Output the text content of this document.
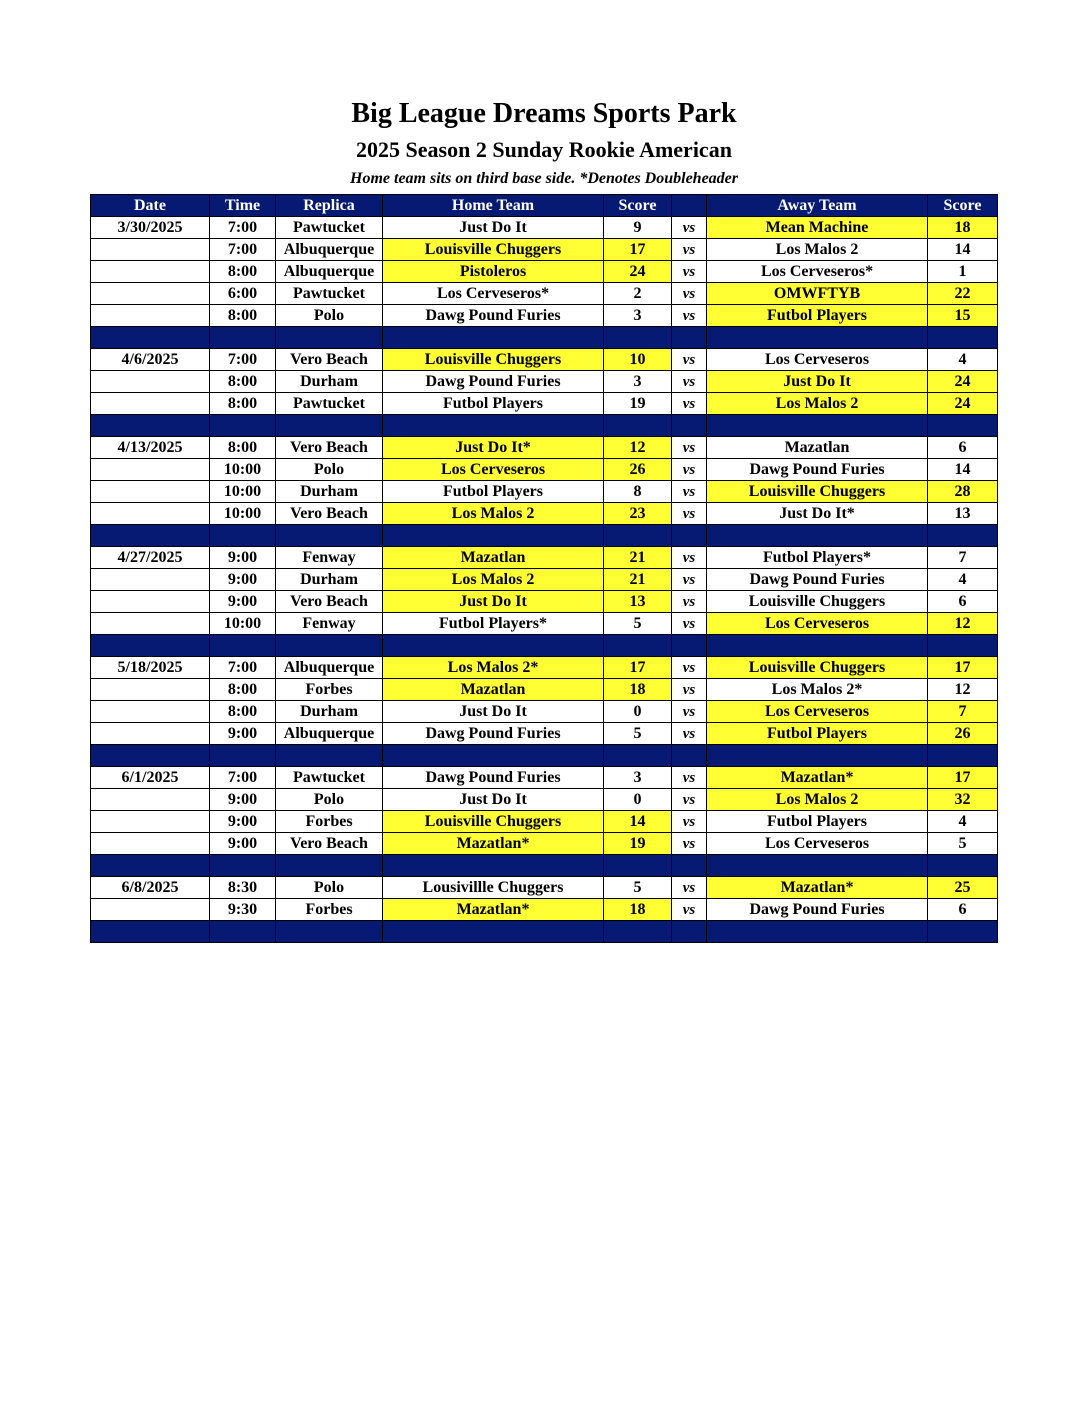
Big League Dreams Sports Park
2025 Season 2 Sunday Rookie American
Home team sits on third base side. *Denotes Doubleheader
Date	Time	Replica	Home Team	Score		Away Team	Score
3/30/2025	7:00	Pawtucket	Just Do It	9	vs	Mean Machine	18
	7:00	Albuquerque	Louisville Chuggers	17	vs	Los Malos 2	14
	8:00	Albuquerque	Pistoleros	24	vs	Los Cerveseros*	1
	6:00	Pawtucket	Los Cerveseros*	2	vs	OMWFTYB	22
	8:00	Polo	Dawg Pound Furies	3	vs	Futbol Players	15

4/6/2025	7:00	Vero Beach	Louisville Chuggers	10	vs	Los Cerveseros	4
	8:00	Durham	Dawg Pound Furies	3	vs	Just Do It	24
	8:00	Pawtucket	Futbol Players	19	vs	Los Malos 2	24

4/13/2025	8:00	Vero Beach	Just Do It*	12	vs	Mazatlan	6
	10:00	Polo	Los Cerveseros	26	vs	Dawg Pound Furies	14
	10:00	Durham	Futbol Players	8	vs	Louisville Chuggers	28
	10:00	Vero Beach	Los Malos 2	23	vs	Just Do It*	13

4/27/2025	9:00	Fenway	Mazatlan	21	vs	Futbol Players*	7
	9:00	Durham	Los Malos 2	21	vs	Dawg Pound Furies	4
	9:00	Vero Beach	Just Do It	13	vs	Louisville Chuggers	6
	10:00	Fenway	Futbol Players*	5	vs	Los Cerveseros	12

5/18/2025	7:00	Albuquerque	Los Malos 2*	17	vs	Louisville Chuggers	17
	8:00	Forbes	Mazatlan	18	vs	Los Malos 2*	12
	8:00	Durham	Just Do It	0	vs	Los Cerveseros	7
	9:00	Albuquerque	Dawg Pound Furies	5	vs	Futbol Players	26

6/1/2025	7:00	Pawtucket	Dawg Pound Furies	3	vs	Mazatlan*	17
	9:00	Polo	Just Do It	0	vs	Los Malos 2	32
	9:00	Forbes	Louisville Chuggers	14	vs	Futbol Players	4
	9:00	Vero Beach	Mazatlan*	19	vs	Los Cerveseros	5

6/8/2025	8:30	Polo	Lousivillle Chuggers	5	vs	Mazatlan*	25
	9:30	Forbes	Mazatlan*	18	vs	Dawg Pound Furies	6
